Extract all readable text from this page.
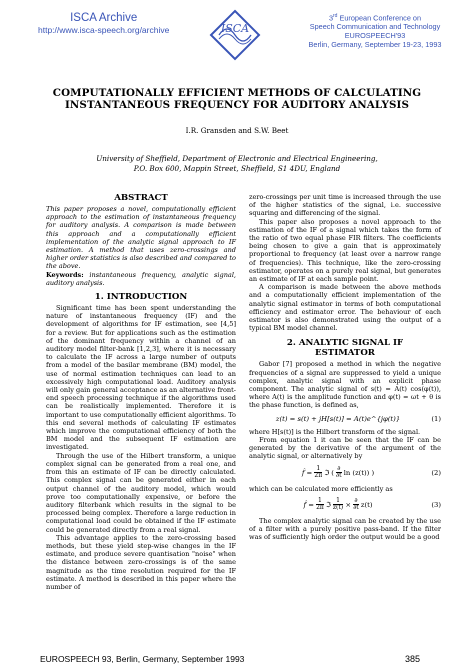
ISCA Archive
http://www.isca-speech.org/archive	ISCA
3rd European Conference on
Speech Communication and Technology
EUROSPEECH'93
Berlin, Germany, September 19-23, 1993
COMPUTATIONALLY EFFICIENT METHODS OF CALCULATING
INSTANTANEOUS FREQUENCY FOR AUDITORY ANALYSIS
I.R. Gransden and S.W. Beet
University of Sheffield, Department of Electronic and Electrical Engineering,
P.O. Box 600, Mappin Street, Sheffield, S1 4DU, England
ABSTRACT

This paper proposes a novel, computationally efficient approach to the estimation of instantaneous frequency for auditory analysis. A comparison is made between this approach and a computationally efficient implementation of the analytic signal approach to IF estimation. A method that uses zero-crossings and higher order statistics is also described and compared to the above.

Keywords: instantaneous frequency, analytic signal, auditory analysis.

1. INTRODUCTION

Significant time has been spent understanding the nature of instantaneous frequency (IF) and the development of algorithms for IF estimation, see [4,5] for a review. But for applications such as the estimation of the dominant frequency within a channel of an auditory model filter-bank [1,2,3], where it is necessary to calculate the IF across a large number of outputs from a model of the basilar membrane (BM) model, the use of normal estimation techniques can lead to an excessively high computational load. Auditory analysis will only gain general acceptance as an alternative front-end speech processing technique if the algorithms used can be realistically implemented. Therefore it is important to use computationally efficient algorithms. To this end several methods of calculating IF estimates which improve the computational efficiency of both the BM model and the subsequent IF estimation are investigated.

Through the use of the Hilbert transform, a unique complex signal can be generated from a real one, and from this an estimate of IF can be directly calculated. This complex signal can be generated either in each output channel of the auditory model, which would prove too computationally expensive, or before the auditory filterbank which results in the signal to be processed being complex. Therefore a large reduction in computational load could be obtained if the IF estimate could be generated directly from a real signal.

This advantage applies to the zero-crossing based methods, but these yield step-wise changes in the IF estimate, and produce severe quantisation "noise" when the distance between zero-crossings is of the same magnitude as the time resolution required for the IF estimate. A method is described in this paper where the number of

zero-crossings per unit time is increased through the use of the higher statistics of the signal, i.e. successive squaring and differencing of the signal.

This paper also proposes a novel approach to the estimation of the IF of a signal which takes the form of the ratio of two equal phase FIR filters. The coefficients being chosen to give a gain that is approximately proportional to frequency (at least over a narrow range of frequencies). This technique, like the zero-crossing estimator, operates on a purely real signal, but generates an estimate of IF at each sample point.

A comparison is made between the above methods and a computationally efficient implementation of the analytic signal estimator in terms of both computational efficiency and estimator error. The behaviour of each estimator is also demonstrated using the output of a typical BM model channel.

2. ANALYTIC SIGNAL IF
ESTIMATOR

Gabor [7] proposed a method in which the negative frequencies of a signal are suppressed to yield a unique complex, analytic signal with an explicit phase component. The analytic signal of s(t) = A(t) cos(φ(t)), where A(t) is the amplitude function and φ(t) = ωt + θ is the phase function, is defined as,

z(t) = s(t) + jH[s(t)] = A(t)e^{jφ(t)}	(1)

where H[s(t)] is the Hilbert transform of the signal.

From equation 1 it can be seen that the IF can be generated by the derivative of the argument of the analytic signal, or alternatively by

f̂ = $\frac{1}{2\pi}$ ℑ ( $\frac{\partial}{\partial t}$ ln (z(t)) )	(2)

which can be calculated more efficiently as

f̂ = $\frac{1}{2\pi}$ ℑ $\frac{1}{z(t)} \times \frac{\partial}{\partial t} z(t)$	(3)

The complex analytic signal can be created by the use of a filter with a purely positive pass-band. If the filter was of sufficiently high order the output would be a good

EUROSPEECH 93, Berlin, Germany, September 1993	385
